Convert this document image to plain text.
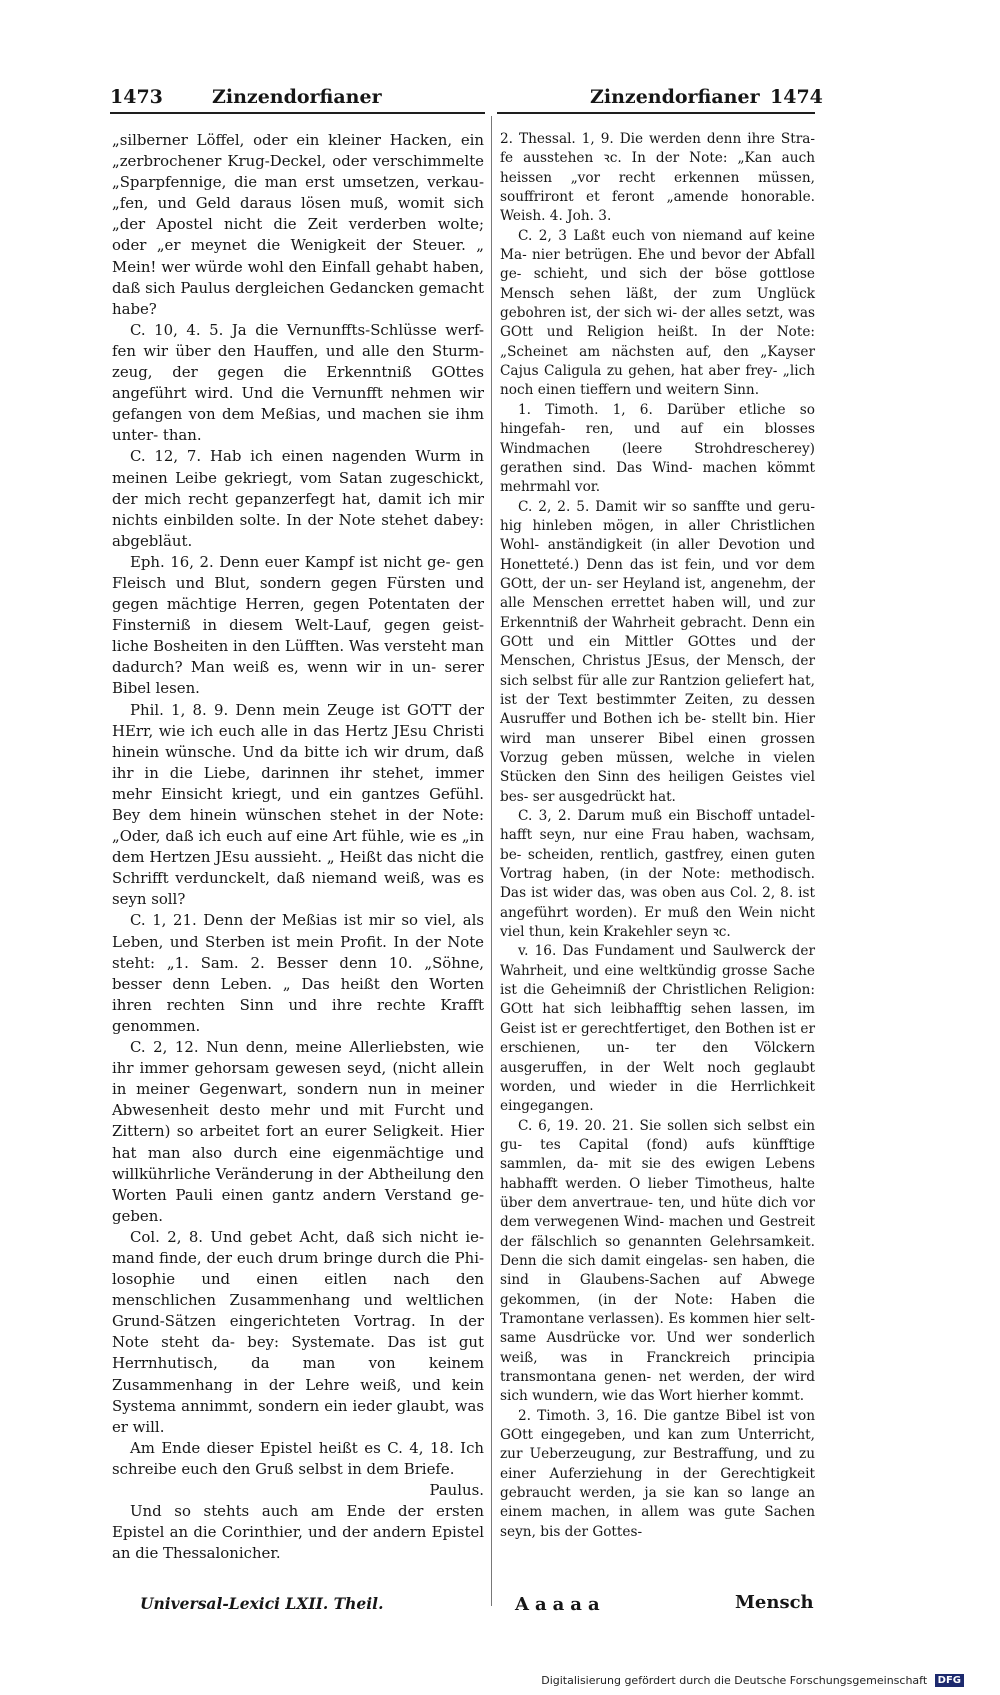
1473	Zinzendorfianer	Zinzendorfianer 1474

„silberner Löffel, oder ein kleiner Hacken, ein „zerbrochener Krug-Deckel, oder verschimmelte „Sparpfennige, die man erst umsetzen, verkau- „fen, und Geld daraus lösen muß, womit sich „der Apostel nicht die Zeit verderben wolte; oder „er meynet die Wenigkeit der Steuer. „ Mein! wer würde wohl den Einfall gehabt haben, daß sich Paulus dergleichen Gedancken gemacht habe?

C. 10, 4. 5. Ja die Vernunffts-Schlüsse werf- fen wir über den Hauffen, und alle den Sturm- zeug, der gegen die Erkenntniß GOttes angeführt wird. Und die Vernunfft nehmen wir gefangen von dem Meßias, und machen sie ihm unter- than.

C. 12, 7. Hab ich einen nagenden Wurm in meinen Leibe gekriegt, vom Satan zugeschickt, der mich recht gepanzerfegt hat, damit ich mir nichts einbilden solte. In der Note stehet dabey: abgebläut.

Eph. 16, 2. Denn euer Kampf ist nicht ge- gen Fleisch und Blut, sondern gegen Fürsten und gegen mächtige Herren, gegen Potentaten der Finsterniß in diesem Welt-Lauf, gegen geist- liche Bosheiten in den Lüfften. Was versteht man dadurch? Man weiß es, wenn wir in un- serer Bibel lesen.

Phil. 1, 8. 9. Denn mein Zeuge ist GOTT der HErr, wie ich euch alle in das Hertz JEsu Christi hinein wünsche. Und da bitte ich wir drum, daß ihr in die Liebe, darinnen ihr stehet, immer mehr Einsicht kriegt, und ein gantzes Gefühl. Bey dem hinein wünschen stehet in der Note: „Oder, daß ich euch auf eine Art fühle, wie es „in dem Hertzen JEsu aussieht. „ Heißt das nicht die Schrifft verdunckelt, daß niemand weiß, was es seyn soll?

C. 1, 21. Denn der Meßias ist mir so viel, als Leben, und Sterben ist mein Profit. In der Note steht: „1. Sam. 2. Besser denn 10. „Söhne, besser denn Leben. „ Das heißt den Worten ihren rechten Sinn und ihre rechte Krafft genommen.

C. 2, 12. Nun denn, meine Allerliebsten, wie ihr immer gehorsam gewesen seyd, (nicht allein in meiner Gegenwart, sondern nun in meiner Abwesenheit desto mehr und mit Furcht und Zittern) so arbeitet fort an eurer Seligkeit. Hier hat man also durch eine eigenmächtige und willkührliche Veränderung in der Abtheilung den Worten Pauli einen gantz andern Verstand ge- geben.

Col. 2, 8. Und gebet Acht, daß sich nicht ie- mand finde, der euch drum bringe durch die Phi- losophie und einen eitlen nach den menschlichen Zusammenhang und weltlichen Grund-Sätzen eingerichteten Vortrag. In der Note steht da- bey: Systemate. Das ist gut Herrnhutisch, da man von keinem Zusammenhang in der Lehre weiß, und kein Systema annimmt, sondern ein ieder glaubt, was er will.

Am Ende dieser Epistel heißt es C. 4, 18. Ich schreibe euch den Gruß selbst in dem Briefe.

Paulus.

Und so stehts auch am Ende der ersten Epistel an die Corinthier, und der andern Epistel an die Thessalonicher.

2. Thessal. 1, 9. Die werden denn ihre Stra- fe ausstehen ꝛc. In der Note: „Kan auch heissen „vor recht erkennen müssen, souffriront et feront „amende honorable. Weish. 4. Joh. 3.

C. 2, 3 Laßt euch von niemand auf keine Ma- nier betrügen. Ehe und bevor der Abfall ge- schieht, und sich der böse gottlose Mensch sehen läßt, der zum Unglück gebohren ist, der sich wi- der alles setzt, was GOtt und Religion heißt. In der Note: „Scheinet am nächsten auf, den „Kayser Cajus Caligula zu gehen, hat aber frey- „lich noch einen tieffern und weitern Sinn.

1. Timoth. 1, 6. Darüber etliche so hingefah- ren, und auf ein blosses Windmachen (leere Strohdrescherey) gerathen sind. Das Wind- machen kömmt mehrmahl vor.

C. 2, 2. 5. Damit wir so sanffte und geru- hig hinleben mögen, in aller Christlichen Wohl- anständigkeit (in aller Devotion und Honetteté.) Denn das ist fein, und vor dem GOtt, der un- ser Heyland ist, angenehm, der alle Menschen errettet haben will, und zur Erkenntniß der Wahrheit gebracht. Denn ein GOtt und ein Mittler GOttes und der Menschen, Christus JEsus, der Mensch, der sich selbst für alle zur Rantzion geliefert hat, ist der Text bestimmter Zeiten, zu dessen Ausruffer und Bothen ich be- stellt bin. Hier wird man unserer Bibel einen grossen Vorzug geben müssen, welche in vielen Stücken den Sinn des heiligen Geistes viel bes- ser ausgedrückt hat.

C. 3, 2. Darum muß ein Bischoff untadel- hafft seyn, nur eine Frau haben, wachsam, be- scheiden, rentlich, gastfrey, einen guten Vortrag haben, (in der Note: methodisch. Das ist wider das, was oben aus Col. 2, 8. ist angeführt worden). Er muß den Wein nicht viel thun, kein Krakehler seyn ꝛc.

v. 16. Das Fundament und Saulwerck der Wahrheit, und eine weltkündig grosse Sache ist die Geheimniß der Christlichen Religion: GOtt hat sich leibhafftig sehen lassen, im Geist ist er gerechtfertiget, den Bothen ist er erschienen, un- ter den Völckern ausgeruffen, in der Welt noch geglaubt worden, und wieder in die Herrlichkeit eingegangen.

C. 6, 19. 20. 21. Sie sollen sich selbst ein gu- tes Capital (fond) aufs künfftige sammlen, da- mit sie des ewigen Lebens habhafft werden. O lieber Timotheus, halte über dem anvertraue- ten, und hüte dich vor dem verwegenen Wind- machen und Gestreit der fälschlich so genannten Gelehrsamkeit. Denn die sich damit eingelas- sen haben, die sind in Glaubens-Sachen auf Abwege gekommen, (in der Note: Haben die Tramontane verlassen). Es kommen hier selt- same Ausdrücke vor. Und wer sonderlich weiß, was in Franckreich principia transmontana genen- net werden, der wird sich wundern, wie das Wort hierher kommt.

2. Timoth. 3, 16. Die gantze Bibel ist von GOtt eingegeben, und kan zum Unterricht, zur Ueberzeugung, zur Bestraffung, und zu einer Auferziehung in der Gerechtigkeit gebraucht werden, ja sie kan so lange an einem machen, in allem was gute Sachen seyn, bis der Gottes-

Universal-Lexici LXII. Theil.	Aaaaa	Mensch
Digitalisierung gefördert durch die Deutsche Forschungsgemeinschaft DFG
